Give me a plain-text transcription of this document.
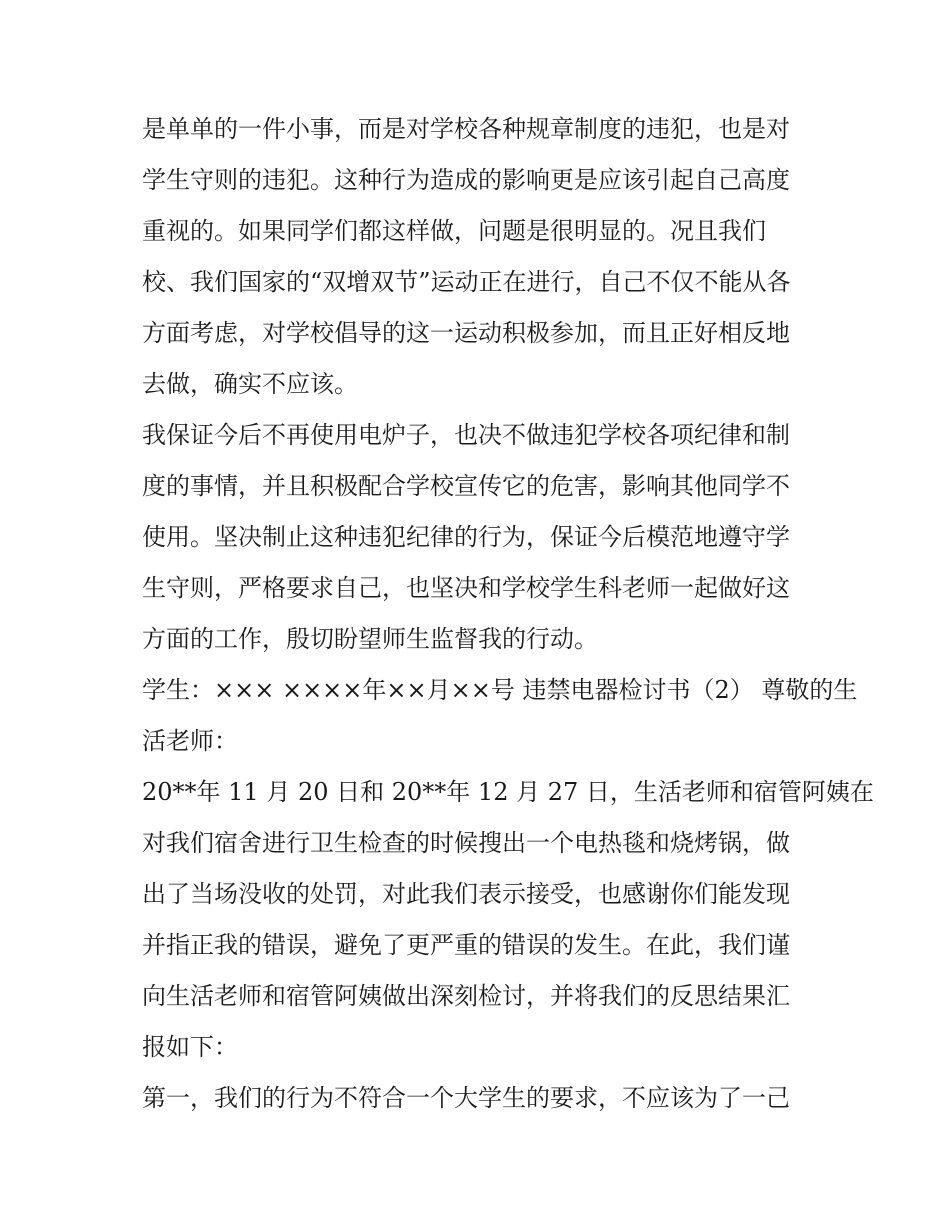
是单单的一件小事，而是对学校各种规章制度的违犯，也是对
学生守则的违犯。这种行为造成的影响更是应该引起自己高度
重视的。如果同学们都这样做，问题是很明显的。况且我们
校、我们国家的“双增双节”运动正在进行，自己不仅不能从各
方面考虑，对学校倡导的这一运动积极参加，而且正好相反地
去做，确实不应该。
我保证今后不再使用电炉子，也决不做违犯学校各项纪律和制
度的事情，并且积极配合学校宣传它的危害，影响其他同学不
使用。坚决制止这种违犯纪律的行为，保证今后模范地遵守学
生守则，严格要求自己，也坚决和学校学生科老师一起做好这
方面的工作，殷切盼望师生监督我的行动。
学生：××× ××××年××月××号 违禁电器检讨书（2） 尊敬的生
活老师：
20**年 11 月 20 日和 20**年 12 月 27 日，生活老师和宿管阿姨在
对我们宿舍进行卫生检查的时候搜出一个电热毯和烧烤锅，做
出了当场没收的处罚，对此我们表示接受，也感谢你们能发现
并指正我的错误，避免了更严重的错误的发生。在此，我们谨
向生活老师和宿管阿姨做出深刻检讨，并将我们的反思结果汇
报如下：
第一，我们的行为不符合一个大学生的要求，不应该为了一己
